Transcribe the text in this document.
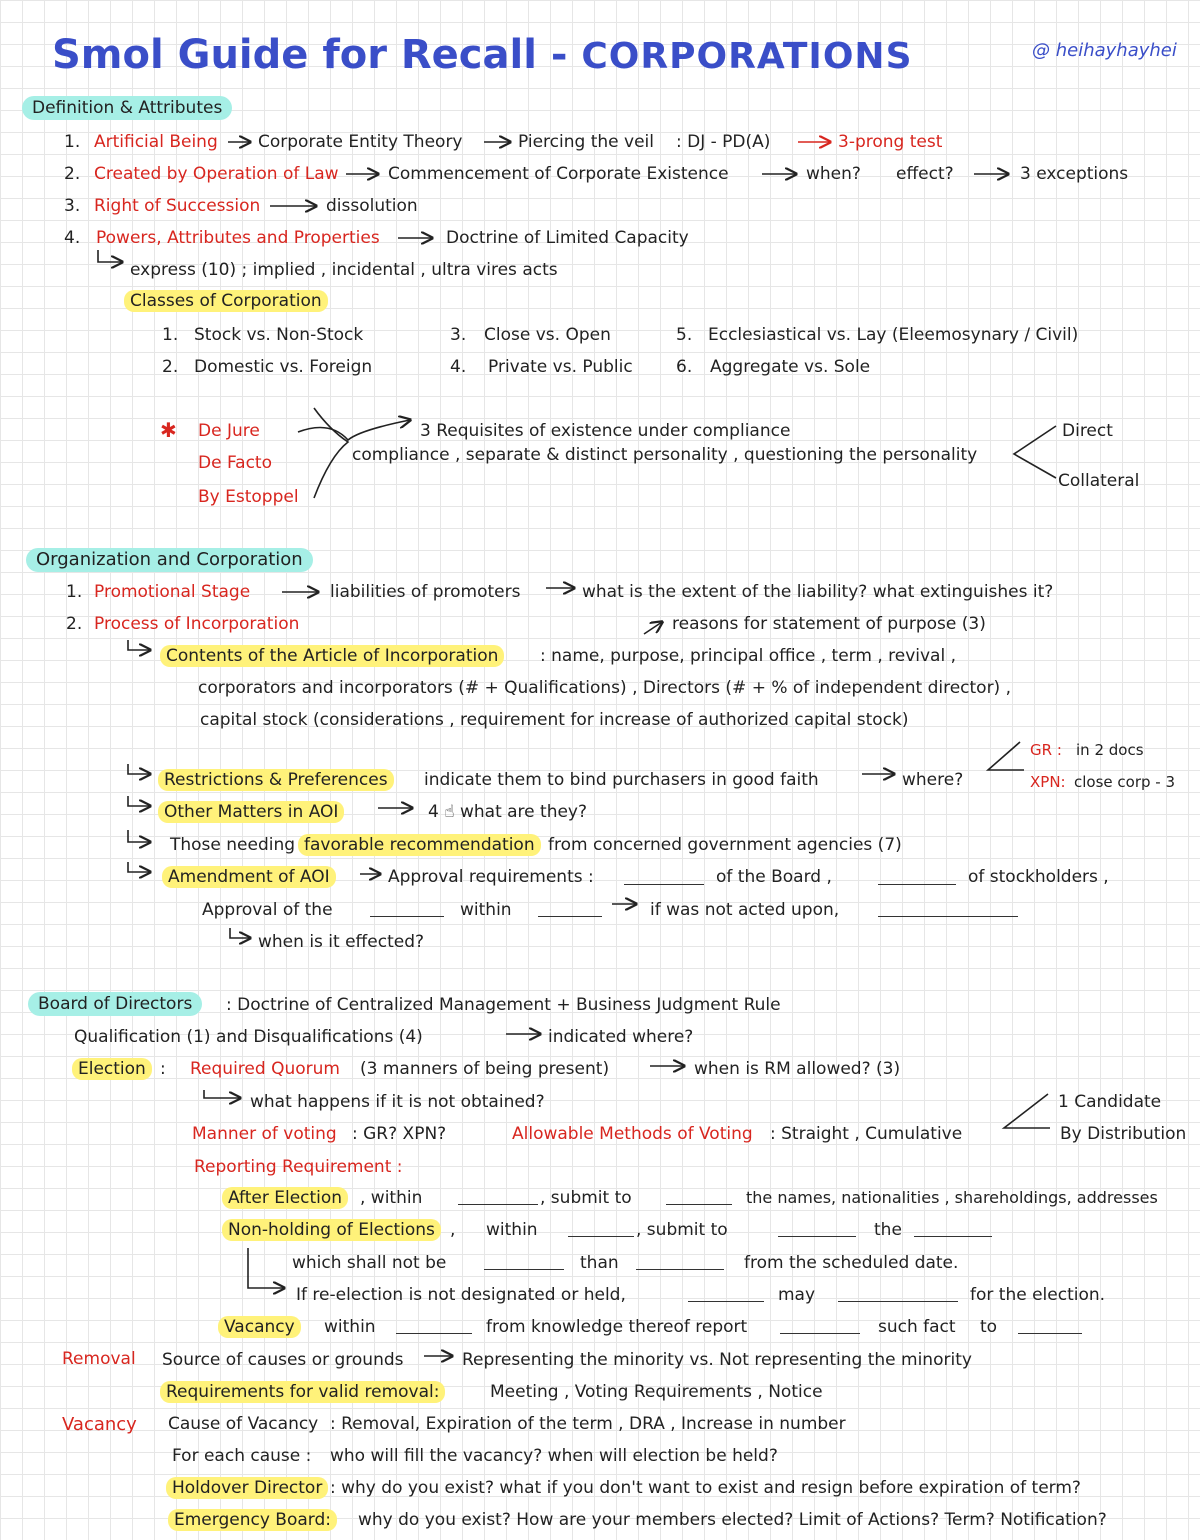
Smol Guide for Recall - CORPORATIONS	@ heihayhayhei
Definition & Attributes
1. Artificial Being Corporate Entity Theory	Piercing the veil : DJ - PD(A)	3-prong test
2. Created by Operation of Law	Commencement of Corporate Existence	when? effect?	3 exceptions
3. Right of Succession	dissolution
4. Powers, Attributes and Properties	Doctrine of Limited Capacity
express (10) ; implied , incidental , ultra vires acts
Classes of Corporation
1. Stock vs. Non-Stock
2. Domestic vs. Foreign
3. Close vs. Open
4. Private vs. Public
5. Ecclesiastical vs. Lay (Eleemosynary / Civil)
6. Aggregate vs. Sole
✱ De Jure
De Facto
By Estoppel
3 Requisites of existence under compliance
compliance , separate & distinct personality , questioning the personality
Direct
Collateral
Organization and Corporation
1. Promotional Stage	liabilities of promoters	what is the extent of the liability? what extinguishes it?
2. Process of Incorporation	reasons for statement of purpose (3)
Contents of the Article of Incorporation	: name, purpose, principal office , term , revival ,
corporators and incorporators (# + Qualifications) , Directors (# + % of independent director) ,
capital stock (considerations , requirement for increase of authorized capital stock)
GR : in 2 docs
XPN: close corp - 3
Restrictions & Preferences	indicate them to bind purchasers in good faith	where?
Other Matters in AOI	4 ☝ what are they?
Those needing favorable recommendation from concerned government agencies (7)
Amendment of AOI	Approval requirements :	of the Board ,	of stockholders ,
Approval of the	within	if was not acted upon,
when is it effected?
Board of Directors	: Doctrine of Centralized Management + Business Judgment Rule
Qualification (1) and Disqualifications (4)	indicated where?
Election : Required Quorum (3 manners of being present)	when is RM allowed? (3)
what happens if it is not obtained?
Manner of voting : GR? XPN?	Allowable Methods of Voting : Straight , Cumulative
1 Candidate
By Distribution
Reporting Requirement :
After Election	, within	, submit to	the names, nationalities , shareholdings, addresses
Non-holding of Elections , within	, submit to	the
which shall not be	than	from the scheduled date.
If re-election is not designated or held,	may	for the election.
Vacancy	within	from knowledge thereof report	such fact to
Removal Source of causes or grounds	Representing the minority vs. Not representing the minority
Requirements for valid removal:	Meeting , Voting Requirements , Notice
Vacancy Cause of Vacancy : Removal, Expiration of the term , DRA , Increase in number
For each cause : who will fill the vacancy? when will election be held?
Holdover Director : why do you exist? what if you don't want to exist and resign before expiration of term?
Emergency Board:	why do you exist? How are your members elected? Limit of Actions? Term? Notification?
